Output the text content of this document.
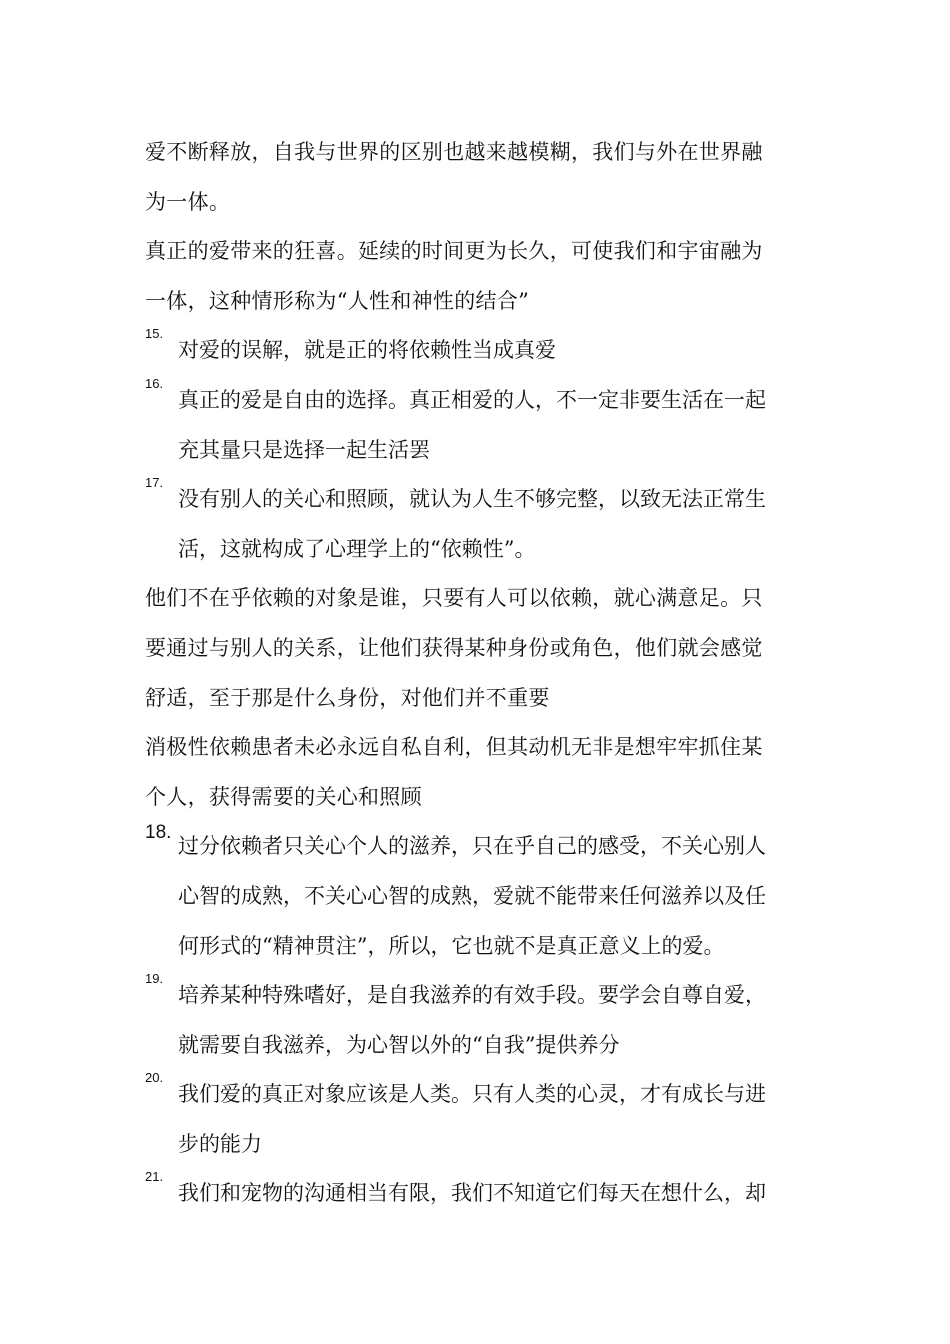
爱不断释放，自我与世界的区别也越来越模糊，我们与外在世界融
为一体。
真正的爱带来的狂喜。延续的时间更为长久，可使我们和宇宙融为
一体，这种情形称为“人性和神性的结合”
15.
对爱的误解，就是正的将依赖性当成真爱
16.
真正的爱是自由的选择。真正相爱的人，不一定非要生活在一起
充其量只是选择一起生活罢
17.
没有别人的关心和照顾，就认为人生不够完整，以致无法正常生
活，这就构成了心理学上的“依赖性”。
他们不在乎依赖的对象是谁，只要有人可以依赖，就心满意足。只
要通过与别人的关系，让他们获得某种身份或角色，他们就会感觉
舒适，至于那是什么身份，对他们并不重要
消极性依赖患者未必永远自私自利，但其动机无非是想牢牢抓住某
个人，获得需要的关心和照顾
18.
过分依赖者只关心个人的滋养，只在乎自己的感受，不关心别人
心智的成熟，不关心心智的成熟，爱就不能带来任何滋养以及任
何形式的“精神贯注”，所以，它也就不是真正意义上的爱。
19.
培养某种特殊嗜好，是自我滋养的有效手段。要学会自尊自爱，
就需要自我滋养，为心智以外的“自我”提供养分
20.
我们爱的真正对象应该是人类。只有人类的心灵，才有成长与进
步的能力
21.
我们和宠物的沟通相当有限，我们不知道它们每天在想什么，却
